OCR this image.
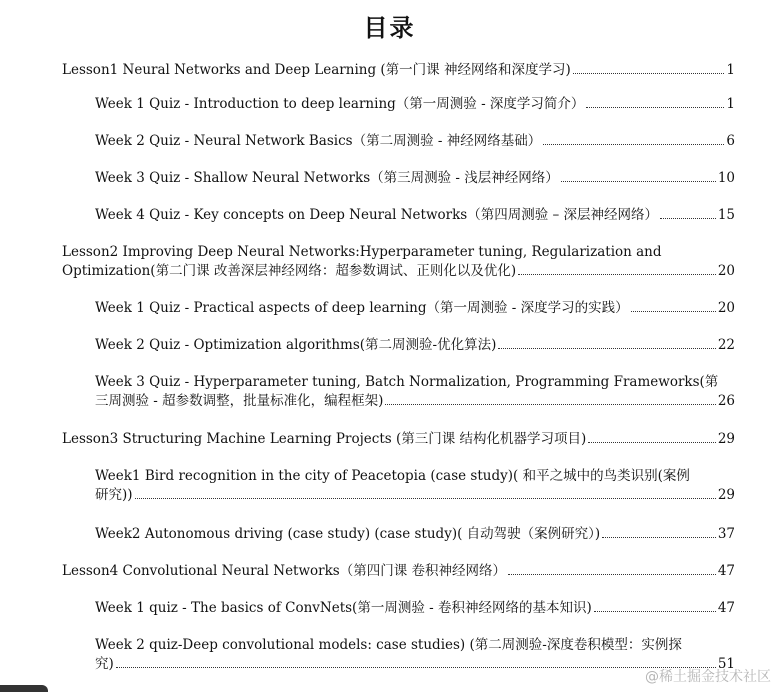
目录
Lesson1 Neural Networks and Deep Learning (第一门课 神经网络和深度学习)	1
Week 1 Quiz - Introduction to deep learning（第一周测验 - 深度学习简介）	1
Week 2 Quiz - Neural Network Basics（第二周测验 - 神经网络基础）	6
Week 3 Quiz - Shallow Neural Networks（第三周测验 - 浅层神经网络）	10
Week 4 Quiz - Key concepts on Deep Neural Networks（第四周测验 – 深层神经网络）	15
Lesson2 Improving Deep Neural Networks:Hyperparameter tuning, Regularization and
Optimization(第二门课 改善深层神经网络：超参数调试、正则化以及优化)	20
Week 1 Quiz - Practical aspects of deep learning（第一周测验 - 深度学习的实践）	20
Week 2 Quiz - Optimization algorithms(第二周测验-优化算法)	22
Week 3 Quiz - Hyperparameter tuning, Batch Normalization, Programming Frameworks(第
三周测验 - 超参数调整，批量标准化，编程框架)	26
Lesson3 Structuring Machine Learning Projects (第三门课 结构化机器学习项目)	29
Week1 Bird recognition in the city of Peacetopia (case study)( 和平之城中的鸟类识别(案例
研究))	29
Week2 Autonomous driving (case study) (case study)( 自动驾驶（案例研究）)	37
Lesson4 Convolutional Neural Networks（第四门课 卷积神经网络）	47
Week 1 quiz - The basics of ConvNets(第一周测验 - 卷积神经网络的基本知识)	47
Week 2 quiz-Deep convolutional models: case studies) (第二周测验-深度卷积模型：实例探
究)	51
@稀土掘金技术社区
